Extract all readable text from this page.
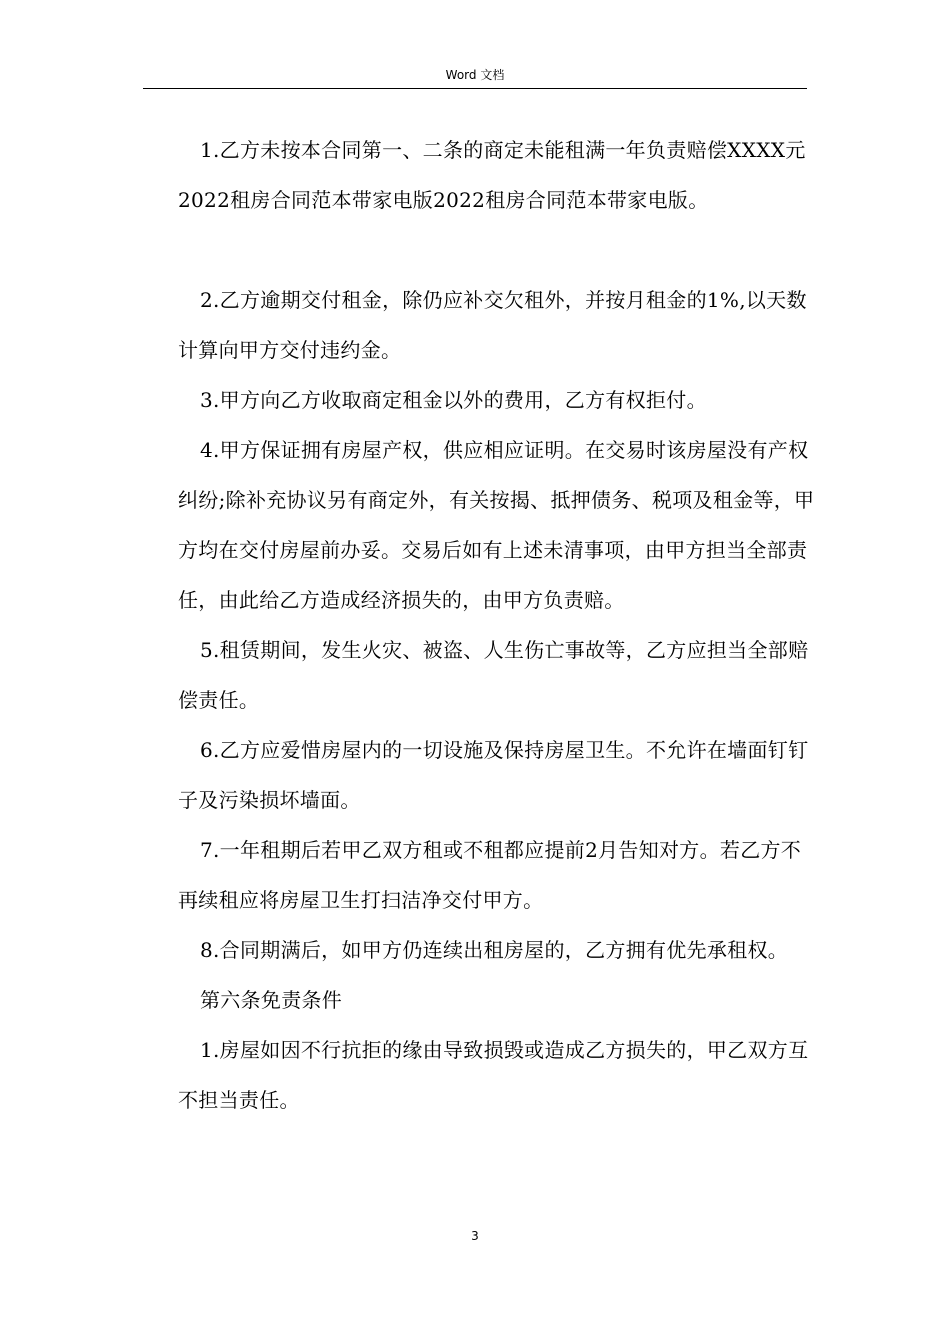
Word 文档

1.乙方未按本合同第一、二条的商定未能租满一年负责赔偿XXXX元2022租房合同范本带家电版2022租房合同范本带家电版。

2.乙方逾期交付租金，除仍应补交欠租外，并按月租金的1%,以天数计算向甲方交付违约金。

3.甲方向乙方收取商定租金以外的费用，乙方有权拒付。

4.甲方保证拥有房屋产权，供应相应证明。在交易时该房屋没有产权纠纷;除补充协议另有商定外，有关按揭、抵押债务、税项及租金等，甲方均在交付房屋前办妥。交易后如有上述未清事项，由甲方担当全部责任，由此给乙方造成经济损失的，由甲方负责赔。

5.租赁期间，发生火灾、被盗、人生伤亡事故等，乙方应担当全部赔偿责任。

6.乙方应爱惜房屋内的一切设施及保持房屋卫生。不允许在墙面钉钉子及污染损坏墙面。

7.一年租期后若甲乙双方租或不租都应提前2月告知对方。若乙方不再续租应将房屋卫生打扫洁净交付甲方。

8.合同期满后，如甲方仍连续出租房屋的，乙方拥有优先承租权。

第六条免责条件

1.房屋如因不行抗拒的缘由导致损毁或造成乙方损失的，甲乙双方互不担当责任。

3
